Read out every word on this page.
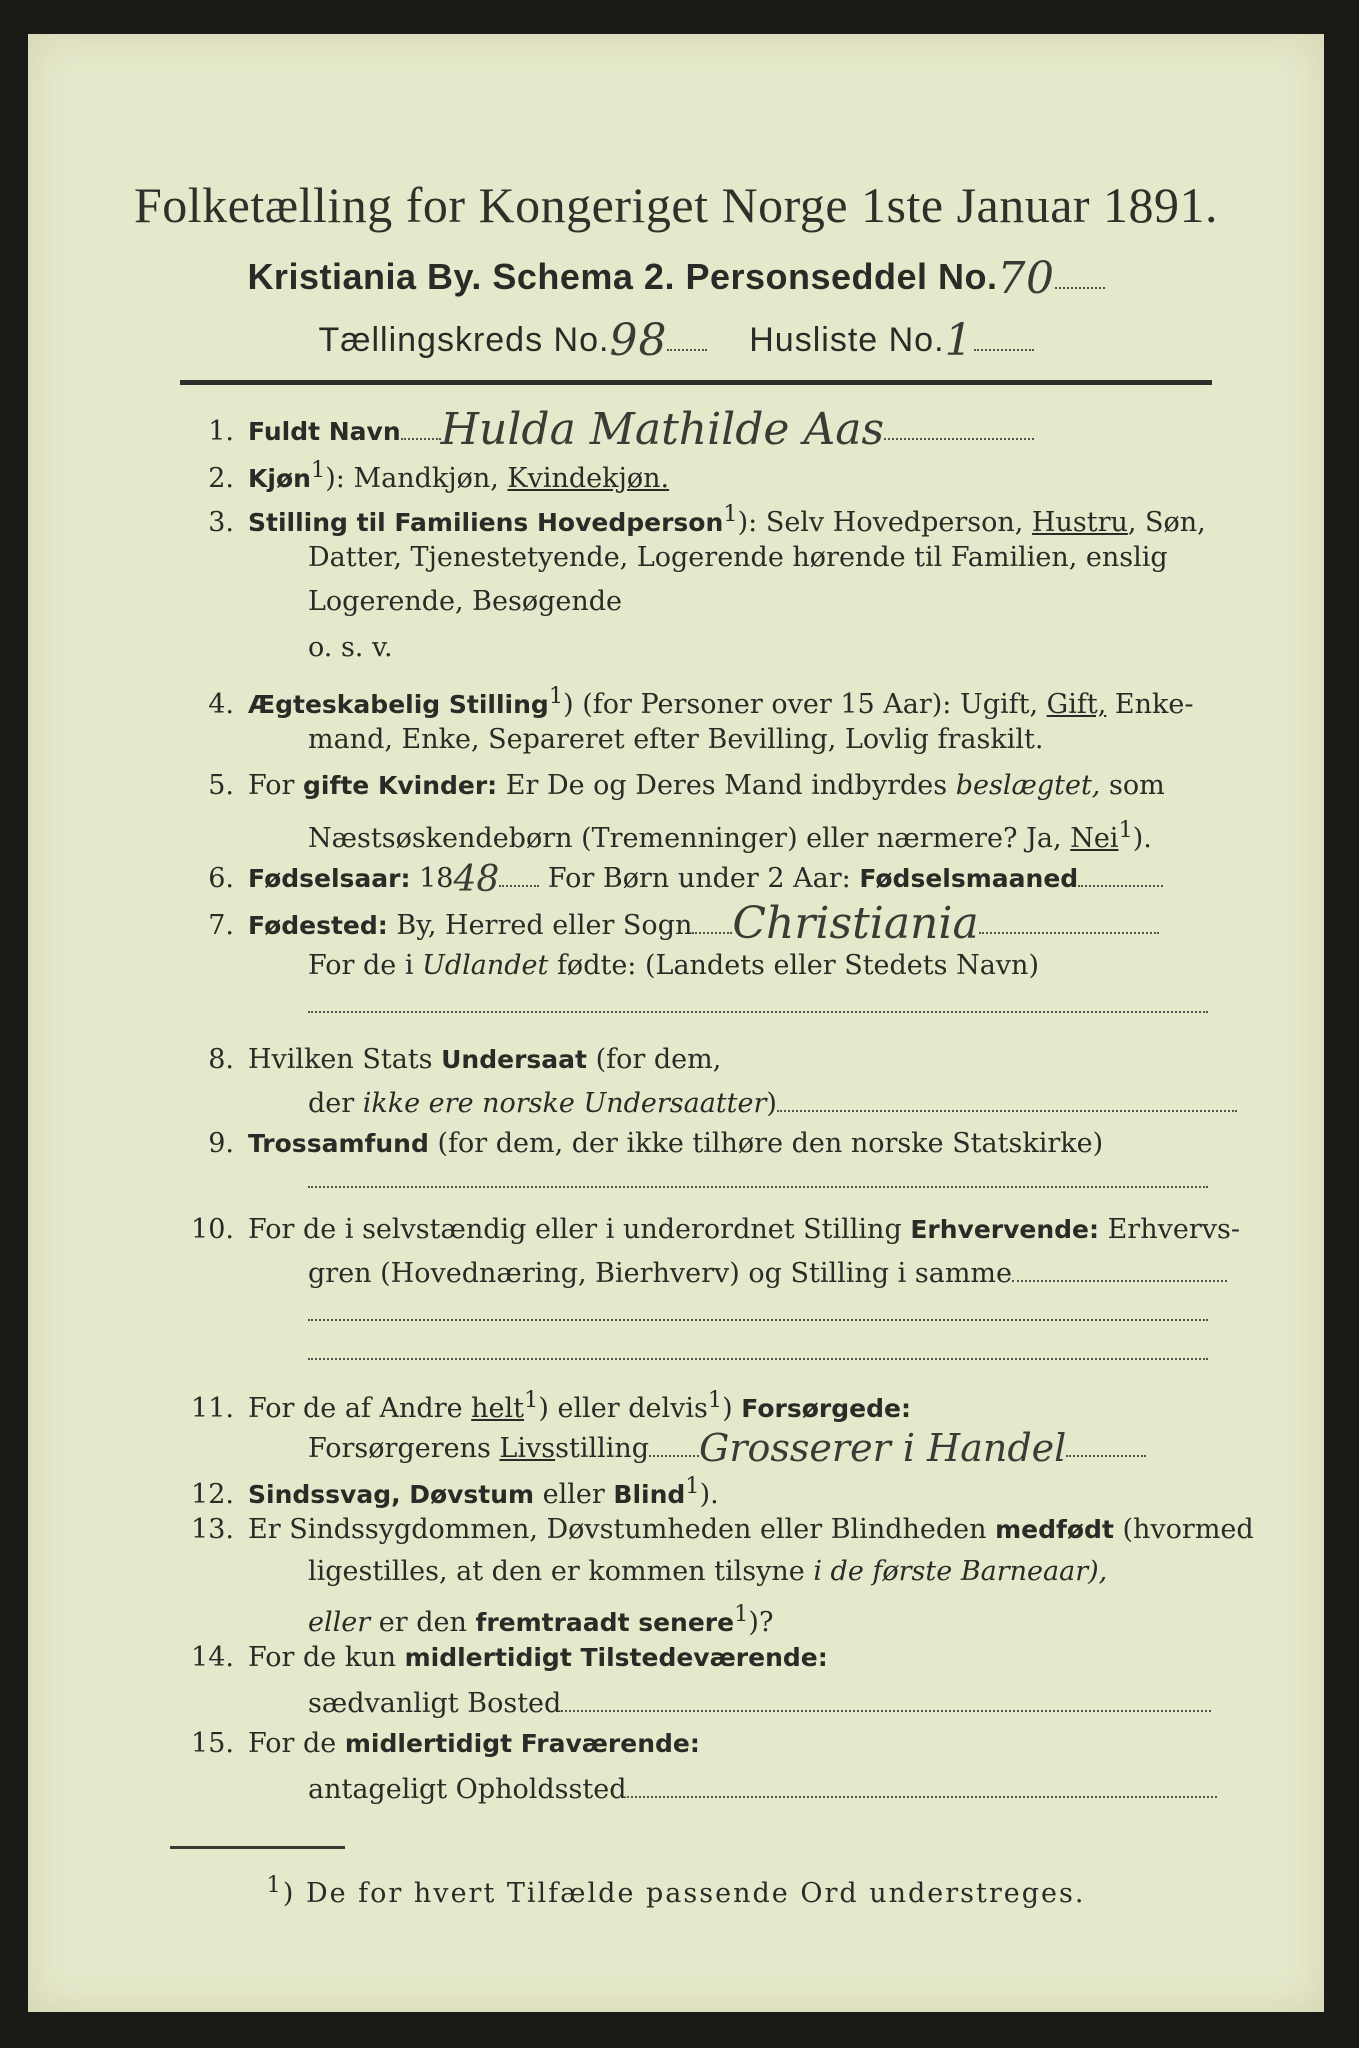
Folketælling for Kongeriget Norge 1ste Januar 1891.
Kristiania By. Schema 2. Personseddel No.70
Tællingskreds No.98 Husliste No.1
1. Fuldt Navn Hulda Mathilde Aas
2. Kjøn$^1$): Mandkjøn, Kvindekjøn.
3. Stilling til Familiens Hovedperson$^1$): Selv Hovedperson, Hustru, Søn,
Datter, Tjenestetyende, Logerende hørende til Familien, enslig
Logerende, Besøgende
o. s. v.
4. Ægteskabelig Stilling$^1$) (for Personer over 15 Aar): Ugift, Gift, Enke-
mand, Enke, Separeret efter Bevilling, Lovlig fraskilt.
5. For gifte Kvinder: Er De og Deres Mand indbyrdes beslægtet, som
Næstsøskendebørn (Tremenninger) eller nærmere? Ja, Nei$^1$).
6. Fødselsaar: 1848 For Børn under 2 Aar: Fødselsmaaned
7. Fødested: By, Herred eller Sogn Christiania
For de i Udlandet fødte: (Landets eller Stedets Navn)
8. Hvilken Stats Undersaat (for dem,
der ikke ere norske Undersaatter)
9. Trossamfund (for dem, der ikke tilhøre den norske Statskirke)
10. For de i selvstændig eller i underordnet Stilling Erhvervende: Erhvervs-
gren (Hovednæring, Bierhverv) og Stilling i samme
11. For de af Andre helt$^1$) eller delvis$^1$) Forsørgede:
Forsørgerens Livsstilling Grosserer i Handel
12. Sindssvag, Døvstum eller Blind$^1$).
13. Er Sindssygdommen, Døvstumheden eller Blindheden medfødt (hvormed
ligestilles, at den er kommen tilsyne i de første Barneaar),
eller er den fremtraadt senere$^1$)?
14. For de kun midlertidigt Tilstedeværende:
sædvanligt Bosted
15. For de midlertidigt Fraværende:
antageligt Opholdssted
$^1$) De for hvert Tilfælde passende Ord understreges.
